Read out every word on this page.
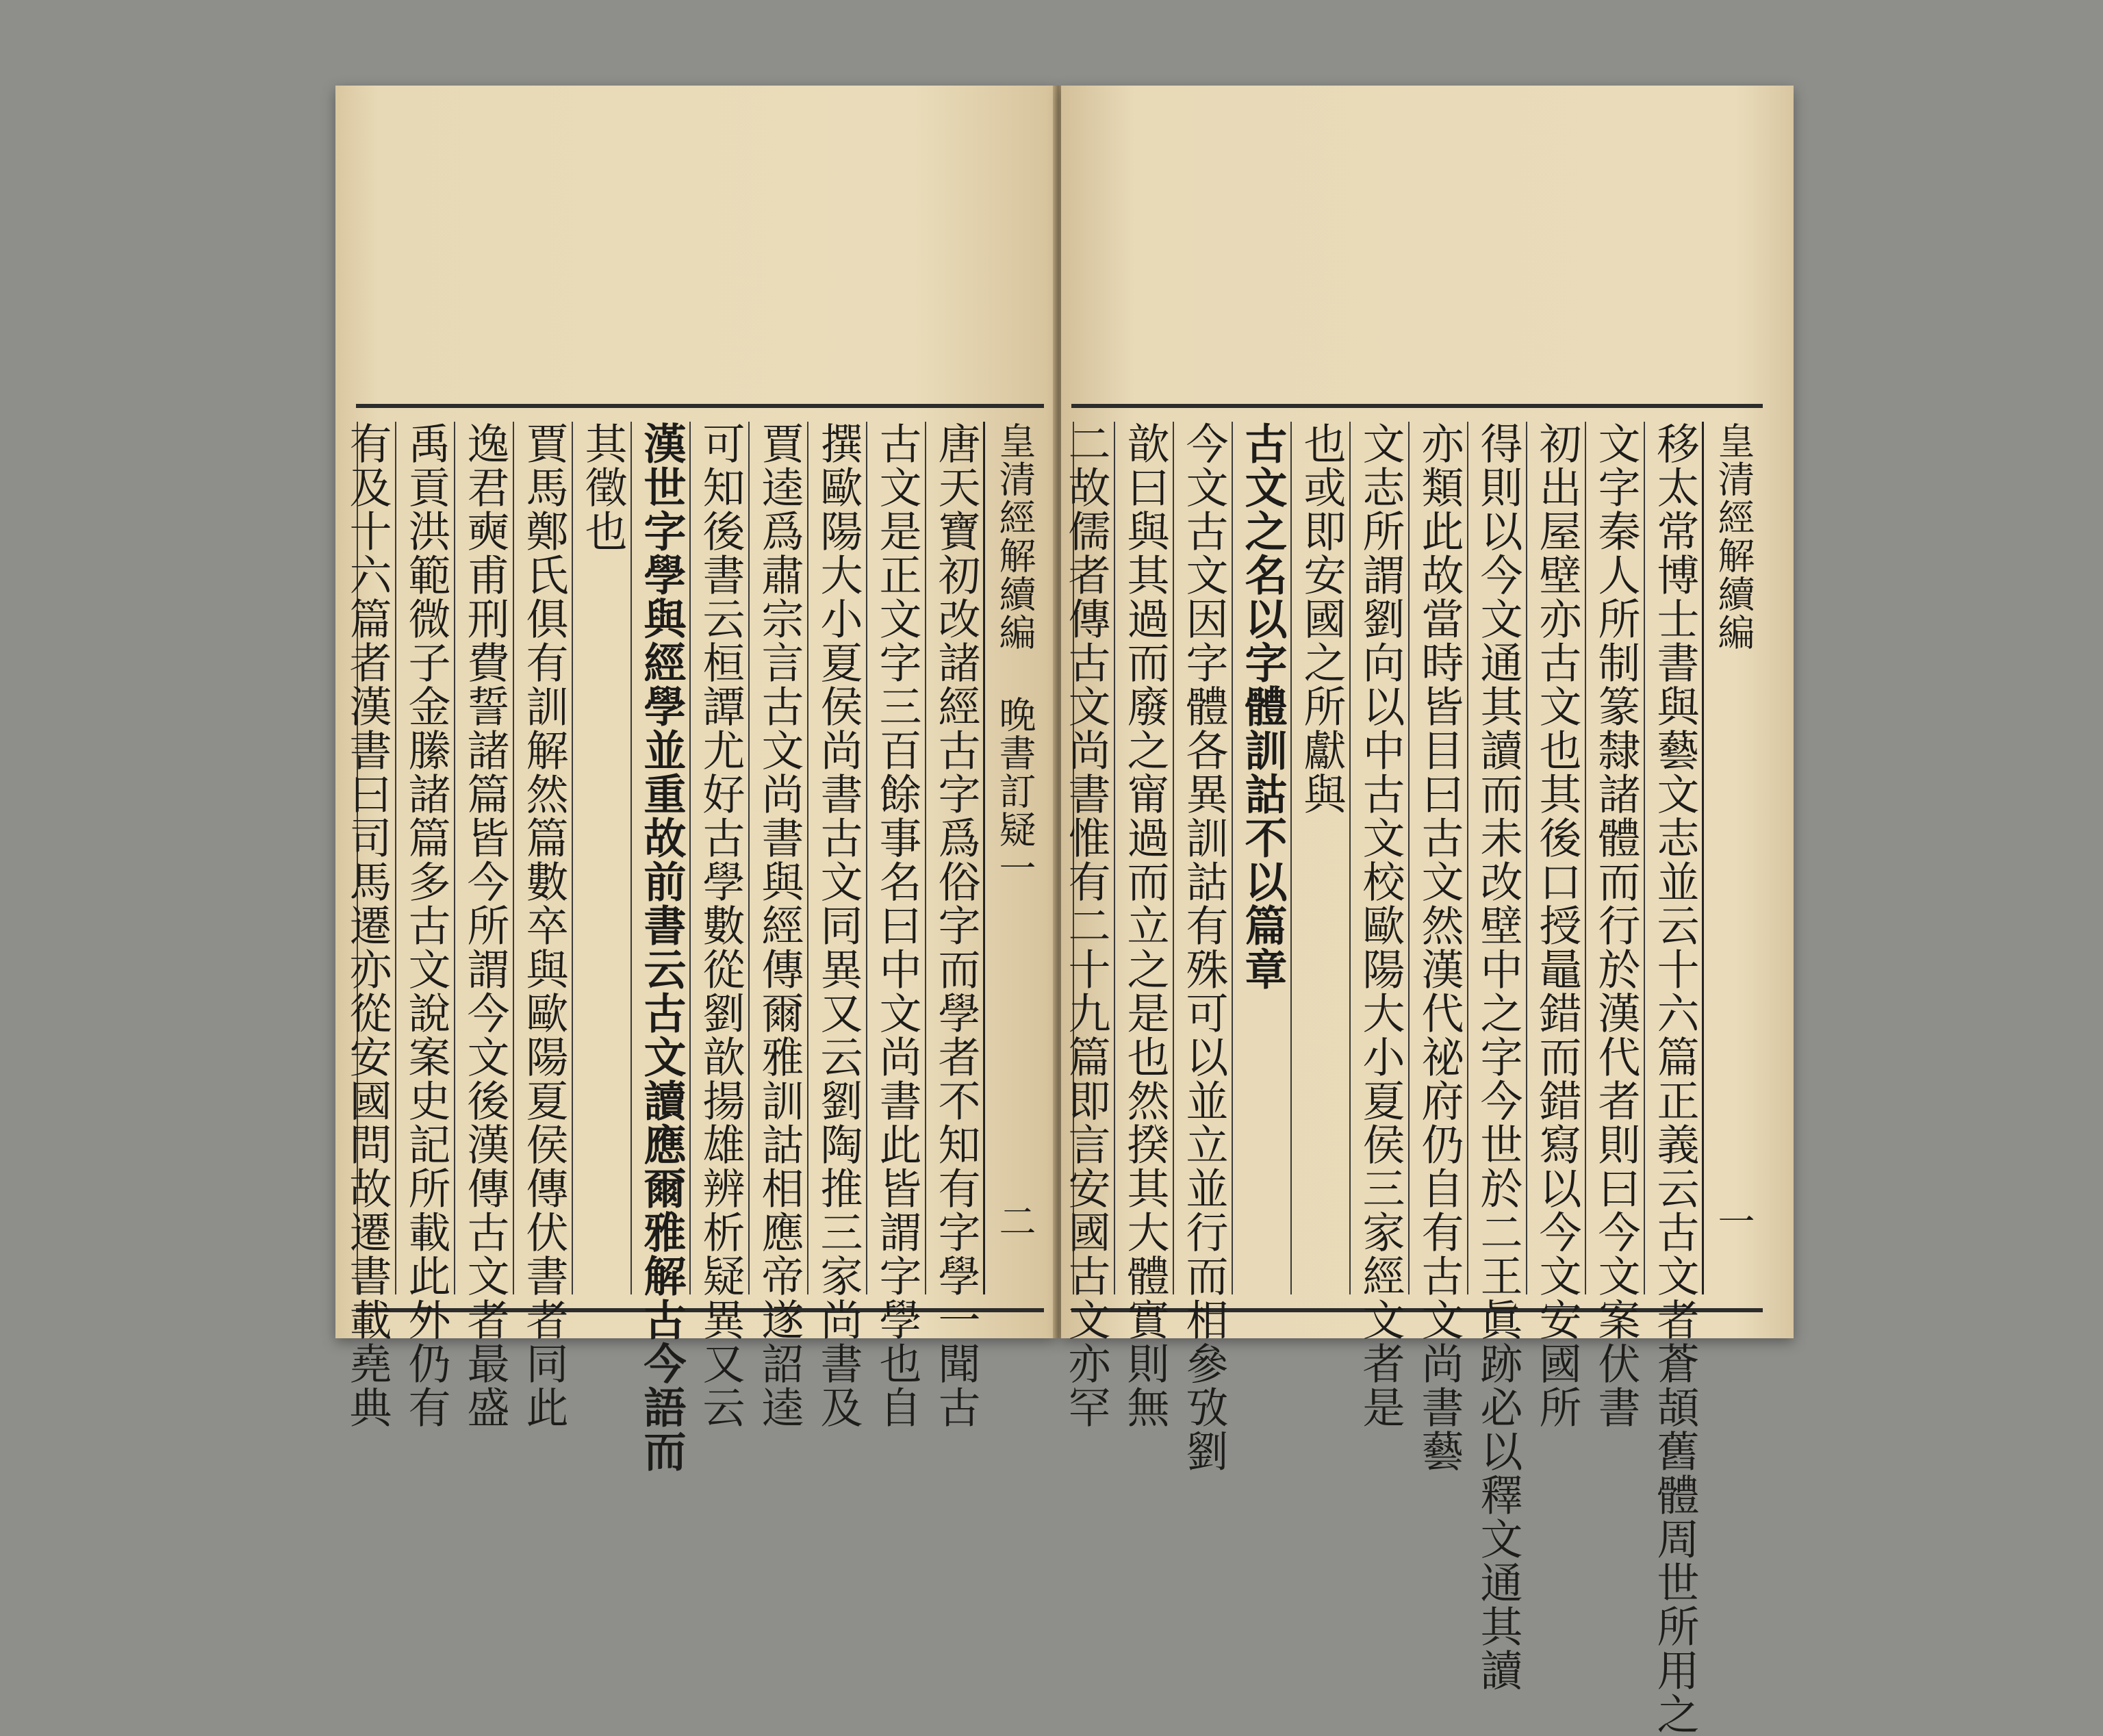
皇清經解續編
晚書訂疑一
二
唐天寶初改諸經古字爲俗字而學者不知有字學一聞古
古文是正文字三百餘事名曰中文尚書此皆謂字學也自
撰歐陽大小夏侯尚書古文同異又云劉陶推三家尚書及
賈逵爲肅宗言古文尚書與經傳爾雅訓詁相應帝遂詔逵
可知後書云桓譚尤好古學數從劉歆揚雄辨析疑異又云
漢世字學與經學並重故前書云古文讀應爾雅解古今語而
其徵也
賈馬鄭氏俱有訓解然篇數卒與歐陽夏侯傳伏書者同此
逸君奭甫刑費誓諸篇皆今所謂今文後漢傳古文者最盛
禹貢洪範微子金縢諸篇多古文說案史記所載此外仍有
有及十六篇者漢書曰司馬遷亦從安國問故遷書載堯典	皇清經解續編
一
移太常博士書與藝文志並云十六篇正義云古文者蒼頡舊體周世所用之
文字秦人所制篆隸諸體而行於漢代者則曰今文案伏書
初出屋壁亦古文也其後口授鼂錯而錯寫以今文安國所
得則以今文通其讀而未改壁中之字今世於二王眞跡必以釋文通其讀
亦類此故當時皆目曰古文然漢代祕府仍自有古文尚書藝
文志所謂劉向以中古文校歐陽大小夏侯三家經文者是
也或即安國之所獻與
古文之名以字體訓詁不以篇章
今文古文因字體各異訓詁有殊可以並立並行而相參攷劉
歆曰與其過而廢之甯過而立之是也然揆其大體實則無
二故儒者傳古文尚書惟有二十九篇即言安國古文亦罕
